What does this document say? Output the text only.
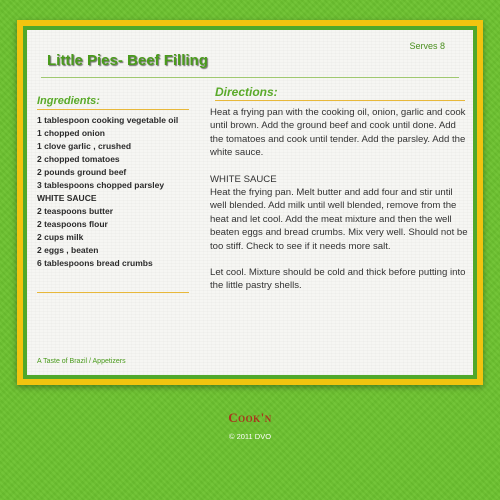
Serves 8
Little Pies- Beef Filling
Ingredients:
1 tablespoon cooking vegetable oil
1 chopped onion
1 clove garlic , crushed
2 chopped tomatoes
2 pounds ground beef
3 tablespoons chopped parsley
WHITE SAUCE
2 teaspoons butter
2 teaspoons flour
2 cups milk
2 eggs , beaten
6 tablespoons bread crumbs
Directions:

Heat a frying pan with the cooking oil, onion, garlic and cook until brown. Add the ground beef and cook until done. Add the tomatoes and cook until tender. Add the parsley. Add the white sauce.

WHITE SAUCE

Heat the frying pan. Melt butter and add four and stir until well blended. Add milk until well blended, remove from the heat and let cool. Add the meat mixture and then the well beaten eggs and bread crumbs. Mix very well. Should not be too stiff. Check to see if it needs more salt.

Let cool. Mixture should be cold and thick before putting into the little pastry shells.

A Taste of Brazil / Appetizers
Cook'n
© 2011 DVO
